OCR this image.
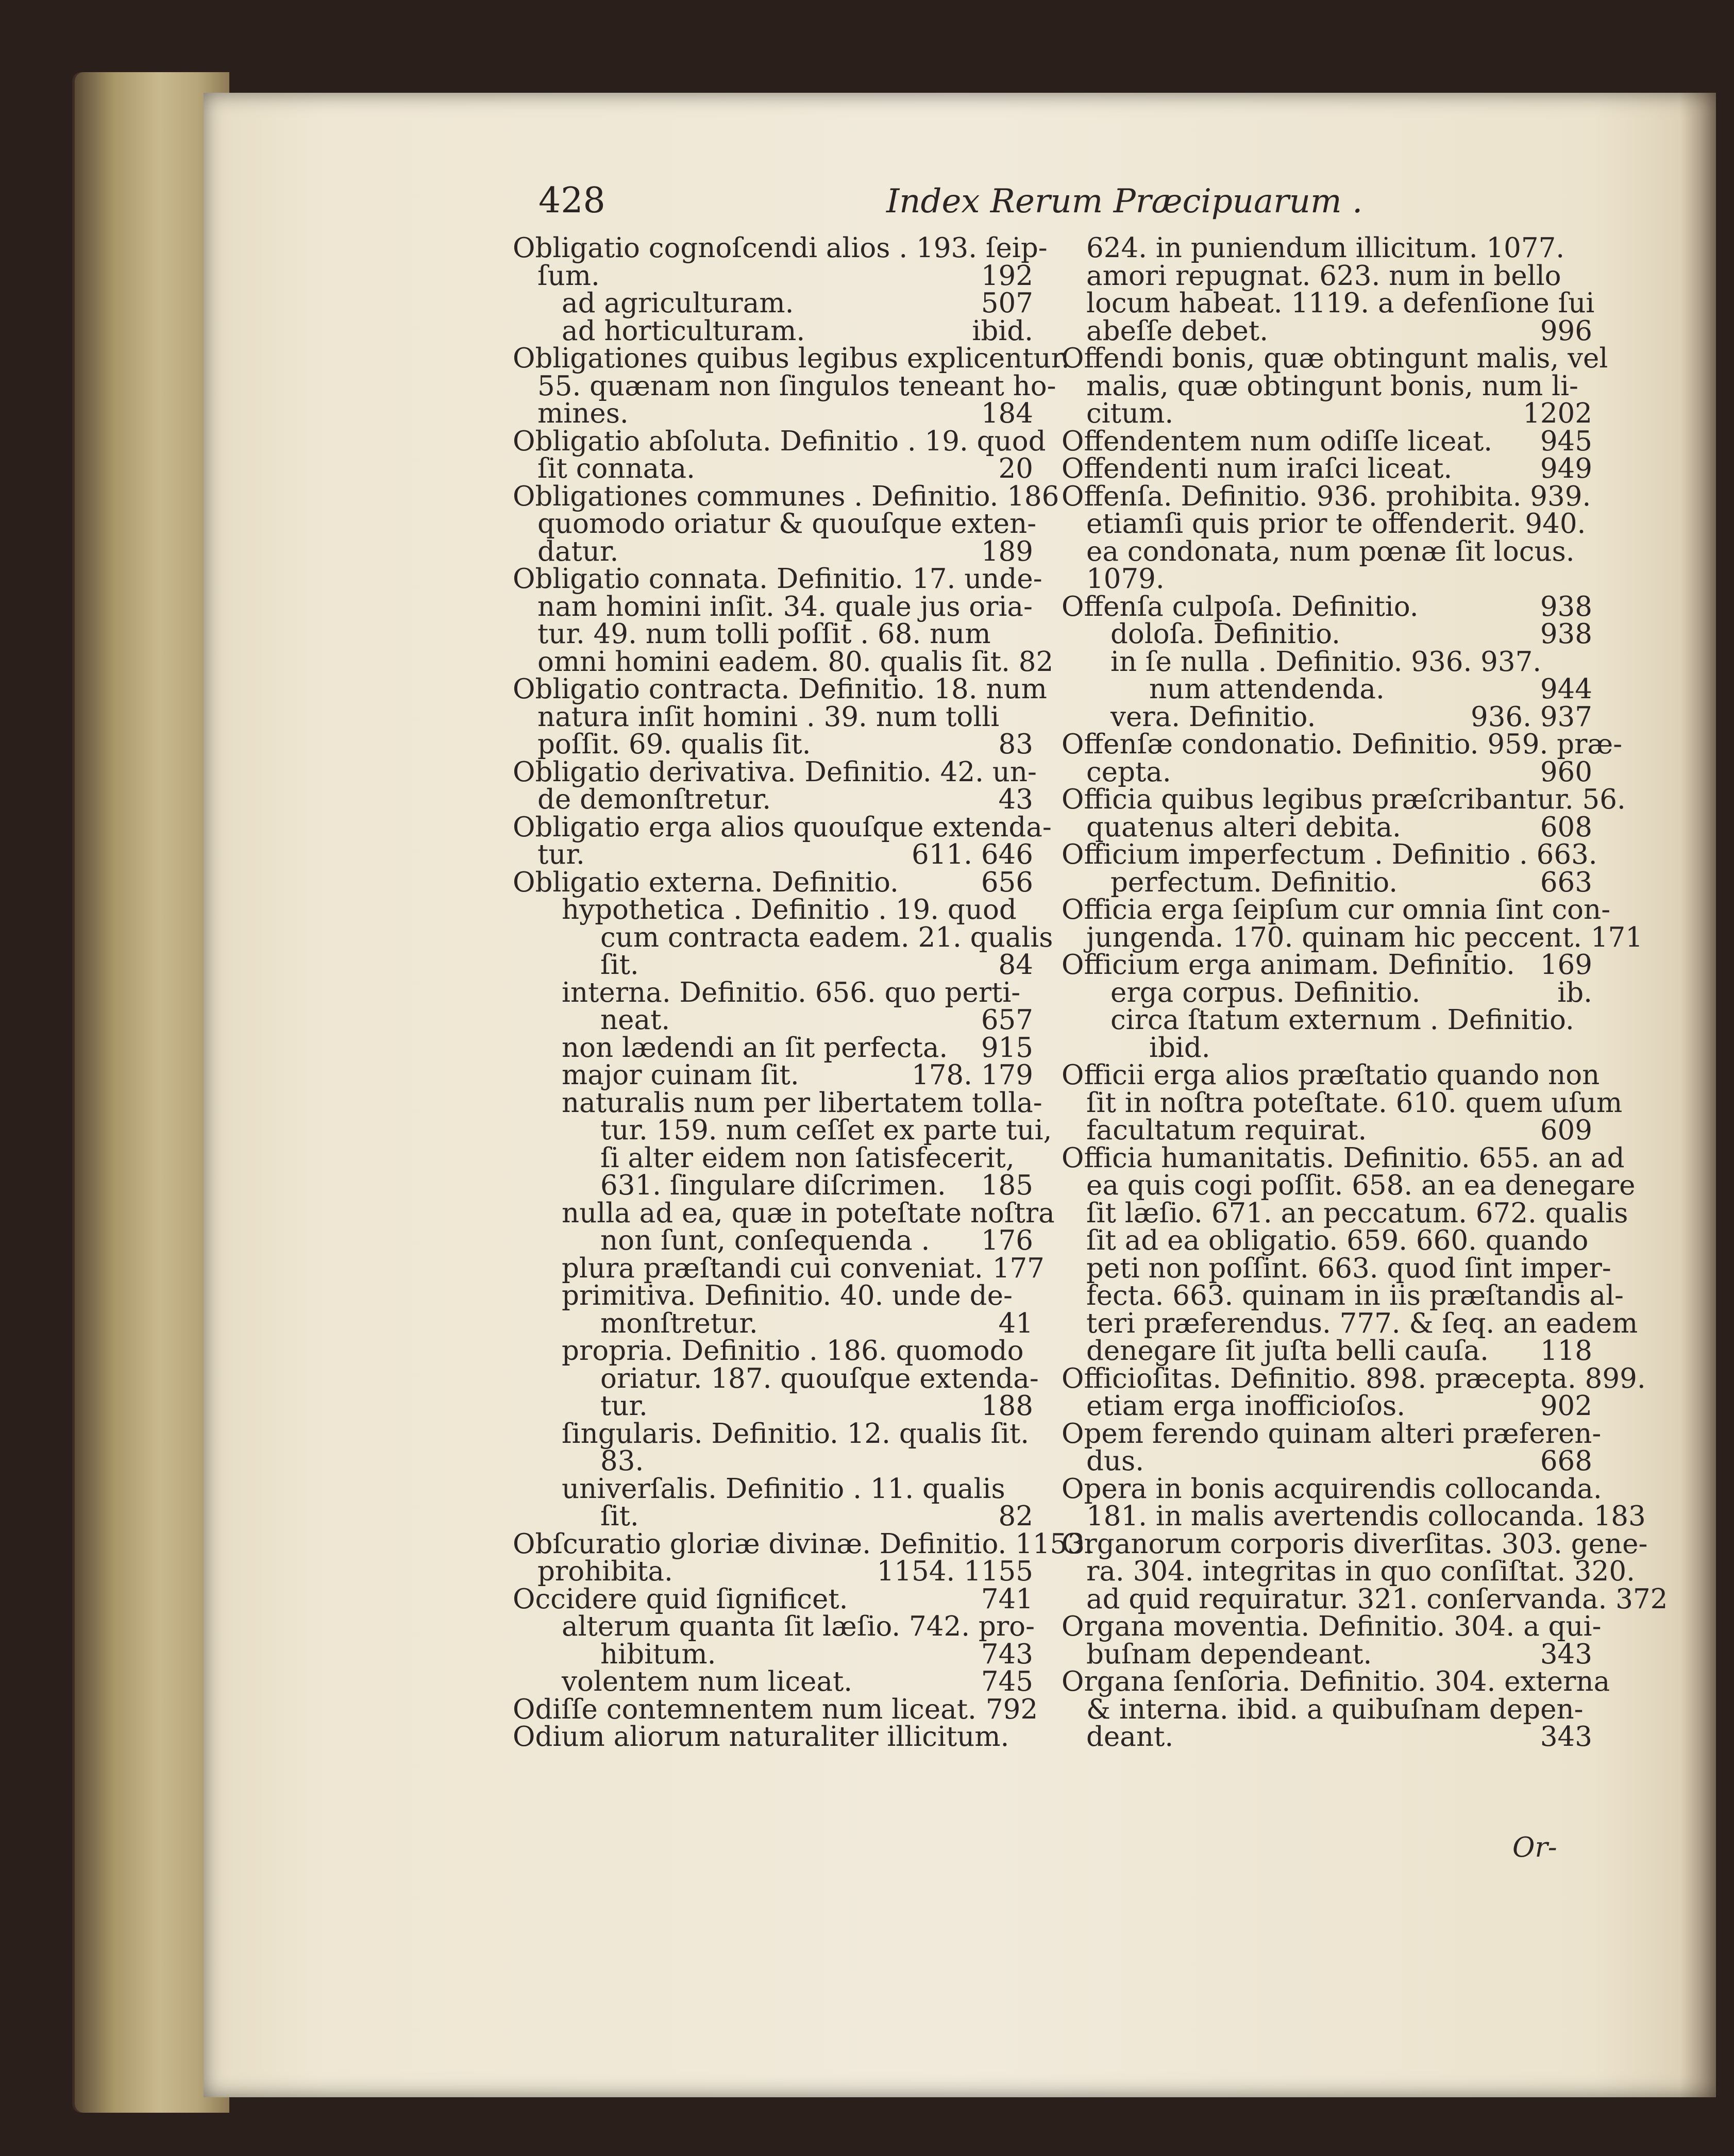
428	Index Rerum Præcipuarum .
Obligatio cognoſcendi alios . 193. ſeip-
ſum.	192
ad agriculturam.	507
ad horticulturam.	ibid.
Obligationes quibus legibus explicentur.
55. quænam non ſingulos teneant ho-
mines.	184
Obligatio abſoluta. Definitio . 19. quod
ſit connata.	20
Obligationes communes . Definitio. 186
quomodo oriatur & quouſque exten-
datur.	189
Obligatio connata. Definitio. 17. unde-
nam homini inſit. 34. quale jus oria-
tur. 49. num tolli poſſit . 68. num
omni homini eadem. 80. qualis ſit. 82
Obligatio contracta. Definitio. 18. num
natura inſit homini . 39. num tolli
poſſit. 69. qualis ſit.	83
Obligatio derivativa. Definitio. 42. un-
de demonſtretur.	43
Obligatio erga alios quouſque extenda-
tur.	611. 646
Obligatio externa. Definitio.	656
hypothetica . Definitio . 19. quod
cum contracta eadem. 21. qualis
ſit.	84
interna. Definitio. 656. quo perti-
neat.	657
non lædendi an ſit perfecta.	915
major cuinam ſit.	178. 179
naturalis num per libertatem tolla-
tur. 159. num ceſſet ex parte tui,
ſi alter eidem non ſatisfecerit,
631. ſingulare diſcrimen.	185
nulla ad ea, quæ in poteſtate noſtra
non ſunt, conſequenda .	176
plura præſtandi cui conveniat. 177
primitiva. Definitio. 40. unde de-
monſtretur.	41
propria. Definitio . 186. quomodo
oriatur. 187. quouſque extenda-
tur.	188
ſingularis. Definitio. 12. qualis ſit.
83.
univerſalis. Definitio . 11. qualis
ſit.	82
Obſcuratio gloriæ divinæ. Definitio. 1153.
prohibita.	1154. 1155
Occidere quid ſignificet.	741
alterum quanta ſit læſio. 742. pro-
hibitum.	743
volentem num liceat.	745
Odiſſe contemnentem num liceat. 792
Odium aliorum naturaliter illicitum.
624. in puniendum illicitum. 1077.
amori repugnat. 623. num in bello
locum habeat. 1119. a defenſione ſui
abeſſe debet.	996
Offendi bonis, quæ obtingunt malis, vel
malis, quæ obtingunt bonis, num li-
citum.	1202
Offendentem num odiſſe liceat.	945
Offendenti num iraſci liceat.	949
Offenſa. Definitio. 936. prohibita. 939.
etiamſi quis prior te offenderit. 940.
ea condonata, num pœnæ ſit locus.
1079.
Offenſa culpoſa. Definitio.	938
doloſa. Definitio.	938
in ſe nulla . Definitio. 936. 937.
num attendenda.	944
vera. Definitio.	936. 937
Offenſæ condonatio. Definitio. 959. præ-
cepta.	960
Officia quibus legibus præſcribantur. 56.
quatenus alteri debita.	608
Officium imperfectum . Definitio . 663.
perfectum. Definitio.	663
Officia erga ſeipſum cur omnia ſint con-
jungenda. 170. quinam hic peccent. 171
Officium erga animam. Definitio. 169
erga corpus. Definitio.	ib.
circa ſtatum externum . Definitio.
ibid.
Officii erga alios præſtatio quando non
ſit in noſtra poteſtate. 610. quem uſum
facultatum requirat.	609
Officia humanitatis. Definitio. 655. an ad
ea quis cogi poſſit. 658. an ea denegare
ſit læſio. 671. an peccatum. 672. qualis
ſit ad ea obligatio. 659. 660. quando
peti non poſſint. 663. quod ſint imper-
fecta. 663. quinam in iis præſtandis al-
teri præferendus. 777. & ſeq. an eadem
denegare ſit juſta belli cauſa.	118
Officioſitas. Definitio. 898. præcepta. 899.
etiam erga inofficioſos.	902
Opem ferendo quinam alteri præferen-
dus.	668
Opera in bonis acquirendis collocanda.
181. in malis avertendis collocanda. 183
Organorum corporis diverſitas. 303. gene-
ra. 304. integritas in quo conſiſtat. 320.
ad quid requiratur. 321. conſervanda. 372
Organa moventia. Definitio. 304. a qui-
buſnam dependeant.	343
Organa ſenſoria. Definitio. 304. externa
& interna. ibid. a quibuſnam depen-
deant.	343
Or-
